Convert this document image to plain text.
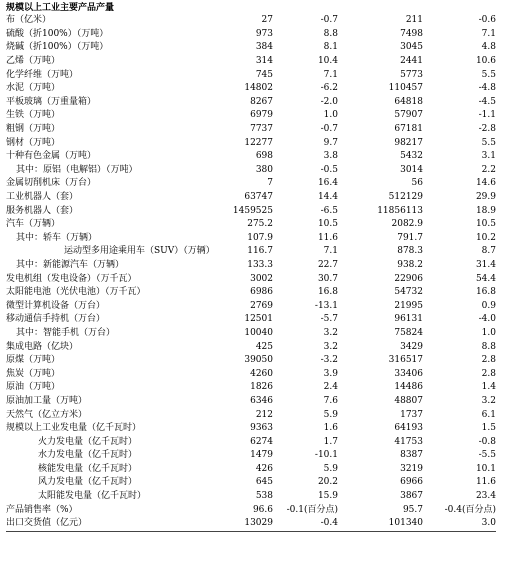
规模以上工业主要产品产量
布（亿米）	27	-0.7	211	-0.6
硫酸（折100%）（万吨）	973	8.8	7498	7.1
烧碱（折100%）（万吨）	384	8.1	3045	4.8
乙烯（万吨）	314	10.4	2441	10.6
化学纤维（万吨）	745	7.1	5773	5.5
水泥（万吨）	14802	-6.2	110457	-4.8
平板玻璃（万重量箱）	8267	-2.0	64818	-4.5
生铁（万吨）	6979	1.0	57907	-1.1
粗钢（万吨）	7737	-0.7	67181	-2.8
钢材（万吨）	12277	9.7	98217	5.5
十种有色金属（万吨）	698	3.8	5432	3.1
其中：原铝（电解铝）（万吨）	380	-0.5	3014	2.2
金属切削机床（万台）	7	16.4	56	14.6
工业机器人（套）	63747	14.4	512129	29.9
服务机器人（套）	1459525	-6.5	11856113	18.9
汽车（万辆）	275.2	10.5	2082.9	10.5
其中：轿车（万辆）	107.9	11.6	791.7	10.2
运动型多用途乘用车（SUV）（万辆）	116.7	7.1	878.3	8.7
其中：新能源汽车（万辆）	133.3	22.7	938.2	31.4
发电机组（发电设备）（万千瓦）	3002	30.7	22906	54.4
太阳能电池（光伏电池）（万千瓦）	6986	16.8	54732	16.8
微型计算机设备（万台）	2769	-13.1	21995	0.9
移动通信手持机（万台）	12501	-5.7	96131	-4.0
其中：智能手机（万台）	10040	3.2	75824	1.0
集成电路（亿块）	425	3.2	3429	8.8
原煤（万吨）	39050	-3.2	316517	2.8
焦炭（万吨）	4260	3.9	33406	2.8
原油（万吨）	1826	2.4	14486	1.4
原油加工量（万吨）	6346	7.6	48807	3.2
天然气（亿立方米）	212	5.9	1737	6.1
规模以上工业发电量（亿千瓦时）	9363	1.6	64193	1.5
火力发电量（亿千瓦时）	6274	1.7	41753	-0.8
水力发电量（亿千瓦时）	1479	-10.1	8387	-5.5
核能发电量（亿千瓦时）	426	5.9	3219	10.1
风力发电量（亿千瓦时）	645	20.2	6966	11.6
太阳能发电量（亿千瓦时）	538	15.9	3867	23.4
产品销售率（%）	96.6	-0.1(百分点)	95.7	-0.4(百分点)
出口交货值（亿元）	13029	-0.4	101340	3.0
